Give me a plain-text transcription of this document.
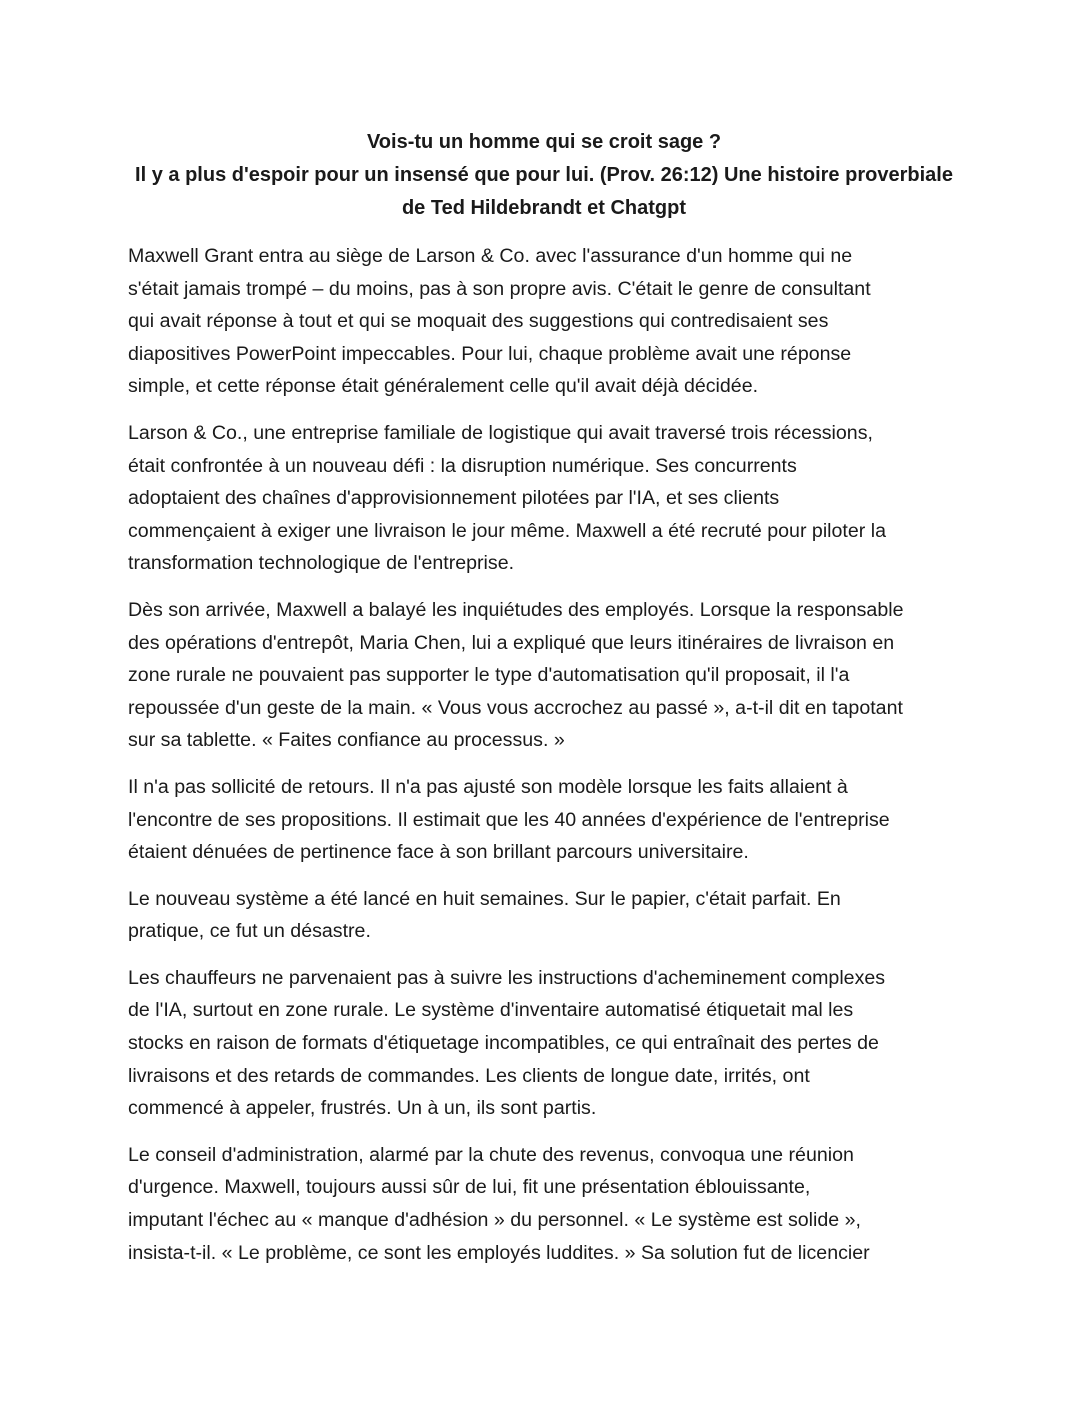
Vois-tu un homme qui se croit sage ?
Il y a plus d'espoir pour un insensé que pour lui. (Prov. 26:12) Une histoire proverbiale
de Ted Hildebrandt et Chatgpt

Maxwell Grant entra au siège de Larson & Co. avec l'assurance d'un homme qui ne
s'était jamais trompé – du moins, pas à son propre avis. C'était le genre de consultant
qui avait réponse à tout et qui se moquait des suggestions qui contredisaient ses
diapositives PowerPoint impeccables. Pour lui, chaque problème avait une réponse
simple, et cette réponse était généralement celle qu'il avait déjà décidée.

Larson & Co., une entreprise familiale de logistique qui avait traversé trois récessions,
était confrontée à un nouveau défi : la disruption numérique. Ses concurrents
adoptaient des chaînes d'approvisionnement pilotées par l'IA, et ses clients
commençaient à exiger une livraison le jour même. Maxwell a été recruté pour piloter la
transformation technologique de l'entreprise.

Dès son arrivée, Maxwell a balayé les inquiétudes des employés. Lorsque la responsable
des opérations d'entrepôt, Maria Chen, lui a expliqué que leurs itinéraires de livraison en
zone rurale ne pouvaient pas supporter le type d'automatisation qu'il proposait, il l'a
repoussée d'un geste de la main. « Vous vous accrochez au passé », a-t-il dit en tapotant
sur sa tablette. « Faites confiance au processus. »

Il n'a pas sollicité de retours. Il n'a pas ajusté son modèle lorsque les faits allaient à
l'encontre de ses propositions. Il estimait que les 40 années d'expérience de l'entreprise
étaient dénuées de pertinence face à son brillant parcours universitaire.

Le nouveau système a été lancé en huit semaines. Sur le papier, c'était parfait. En
pratique, ce fut un désastre.

Les chauffeurs ne parvenaient pas à suivre les instructions d'acheminement complexes
de l'IA, surtout en zone rurale. Le système d'inventaire automatisé étiquetait mal les
stocks en raison de formats d'étiquetage incompatibles, ce qui entraînait des pertes de
livraisons et des retards de commandes. Les clients de longue date, irrités, ont
commencé à appeler, frustrés. Un à un, ils sont partis.

Le conseil d'administration, alarmé par la chute des revenus, convoqua une réunion
d'urgence. Maxwell, toujours aussi sûr de lui, fit une présentation éblouissante,
imputant l'échec au « manque d'adhésion » du personnel. « Le système est solide »,
insista-t-il. « Le problème, ce sont les employés luddites. » Sa solution fut de licencier
